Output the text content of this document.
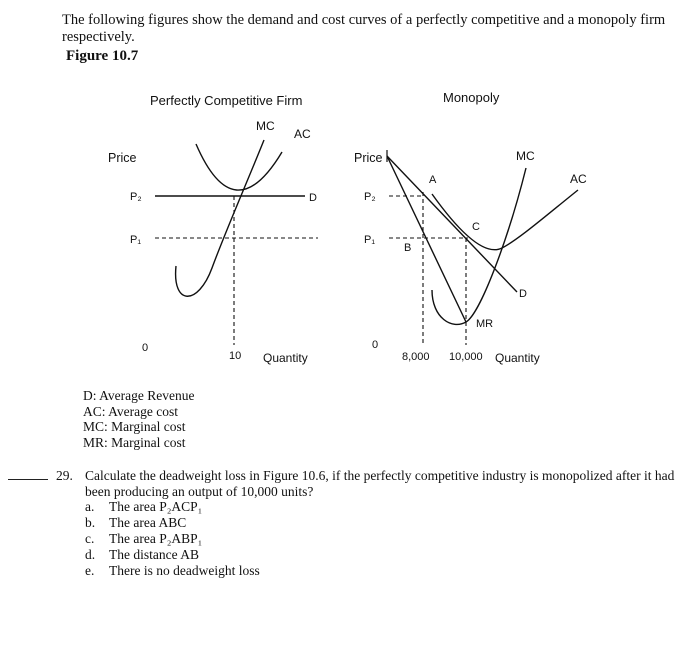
The following figures show the demand and cost curves of a perfectly competitive and a monopoly firm respectively.
Figure 10.7
Perfectly Competitive Firm
Price
P₂
P₁
0
10 Quantity
MC
AC
D
Monopoly
Price
P₂
P₁
0
8,000 10,000 Quantity
MC
AC
D
MR
A
B
C
D: Average Revenue
AC: Average cost
MC: Marginal cost
MR: Marginal cost
29. Calculate the deadweight loss in Figure 10.6, if the perfectly competitive industry is monopolized after it had been producing an output of 10,000 units?
a. The area P₂ACP₁
b. The area ABC
c. The area P₂ABP₁
d. The distance AB
e. There is no deadweight loss
